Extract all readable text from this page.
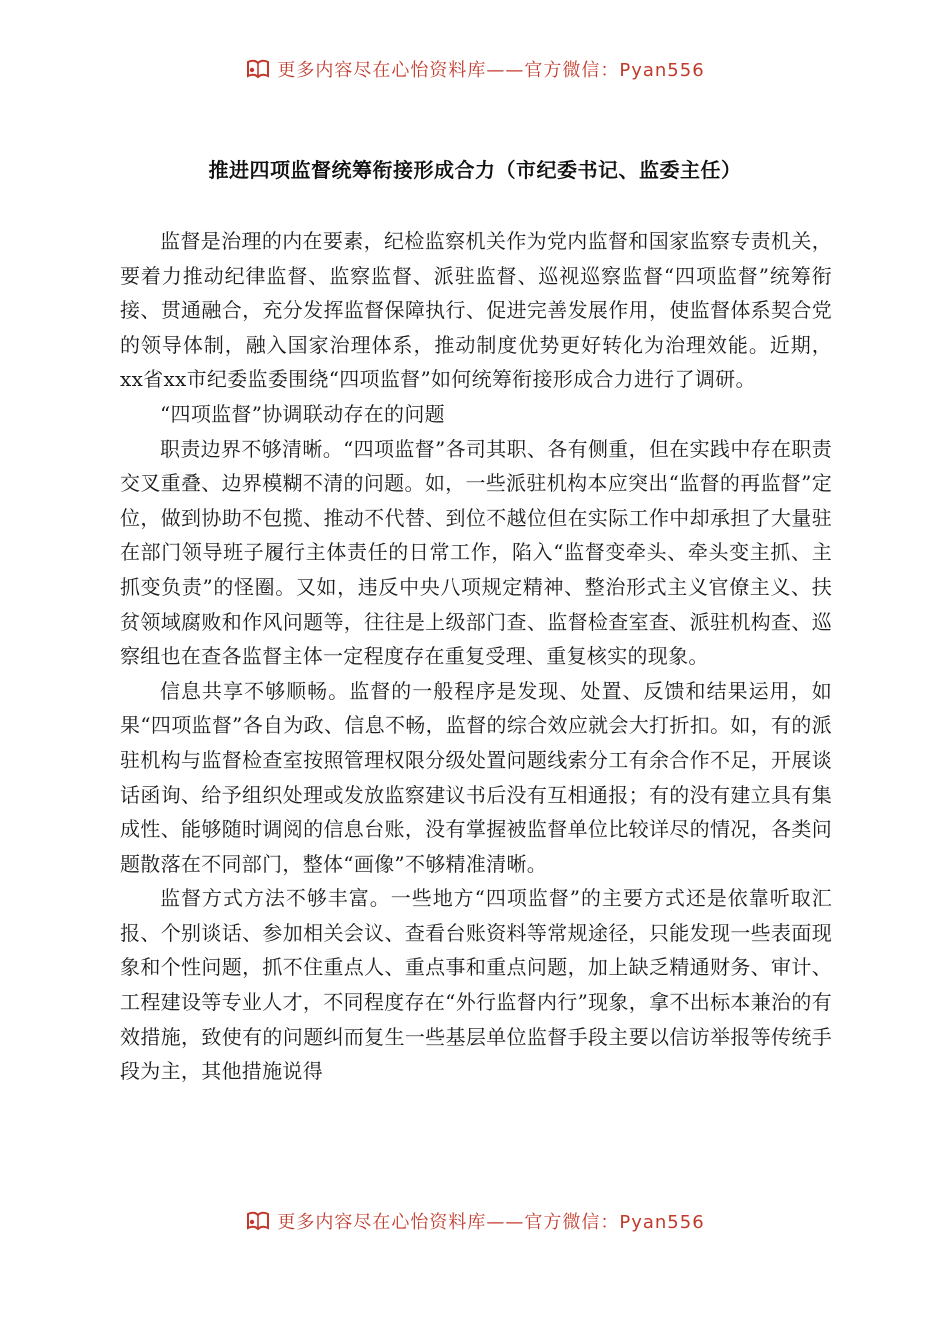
更多内容尽在心怡资料库——官方微信：Pyan556
推进四项监督统筹衔接形成合力（市纪委书记、监委主任）

监督是治理的内在要素，纪检监察机关作为党内监督和国家监察专责机关，要着力推动纪律监督、监察监督、派驻监督、巡视巡察监督“四项监督”统筹衔接、贯通融合，充分发挥监督保障执行、促进完善发展作用，使监督体系契合党的领导体制，融入国家治理体系，推动制度优势更好转化为治理效能。近期，xx省xx市纪委监委围绕“四项监督”如何统筹衔接形成合力进行了调研。

“四项监督”协调联动存在的问题

职责边界不够清晰。“四项监督”各司其职、各有侧重，但在实践中存在职责交叉重叠、边界模糊不清的问题。如，一些派驻机构本应突出“监督的再监督”定位，做到协助不包揽、推动不代替、到位不越位但在实际工作中却承担了大量驻在部门领导班子履行主体责任的日常工作，陷入“监督变牵头、牵头变主抓、主抓变负责”的怪圈。又如，违反中央八项规定精神、整治形式主义官僚主义、扶贫领域腐败和作风问题等，往往是上级部门查、监督检查室查、派驻机构查、巡察组也在查各监督主体一定程度存在重复受理、重复核实的现象。

信息共享不够顺畅。监督的一般程序是发现、处置、反馈和结果运用，如果“四项监督”各自为政、信息不畅，监督的综合效应就会大打折扣。如，有的派驻机构与监督检查室按照管理权限分级处置问题线索分工有余合作不足，开展谈话函询、给予组织处理或发放监察建议书后没有互相通报；有的没有建立具有集成性、能够随时调阅的信息台账，没有掌握被监督单位比较详尽的情况，各类问题散落在不同部门，整体“画像”不够精准清晰。

监督方式方法不够丰富。一些地方“四项监督”的主要方式还是依靠听取汇报、个别谈话、参加相关会议、查看台账资料等常规途径，只能发现一些表面现象和个性问题，抓不住重点人、重点事和重点问题，加上缺乏精通财务、审计、工程建设等专业人才，不同程度存在“外行监督内行”现象，拿不出标本兼治的有效措施，致使有的问题纠而复生一些基层单位监督手段主要以信访举报等传统手段为主，其他措施说得

更多内容尽在心怡资料库——官方微信：Pyan556
